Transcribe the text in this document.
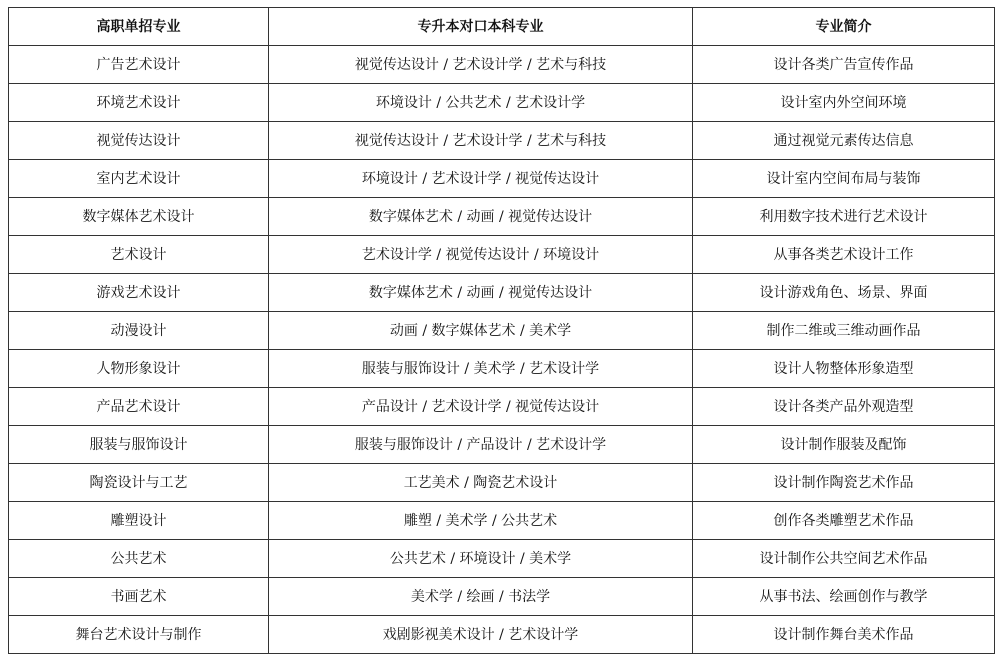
高职单招专业	专升本对口本科专业	专业简介
广告艺术设计	视觉传达设计 / 艺术设计学 / 艺术与科技	设计各类广告宣传作品
环境艺术设计	环境设计 / 公共艺术 / 艺术设计学	设计室内外空间环境
视觉传达设计	视觉传达设计 / 艺术设计学 / 艺术与科技	通过视觉元素传达信息
室内艺术设计	环境设计 / 艺术设计学 / 视觉传达设计	设计室内空间布局与装饰
数字媒体艺术设计	数字媒体艺术 / 动画 / 视觉传达设计	利用数字技术进行艺术设计
艺术设计	艺术设计学 / 视觉传达设计 / 环境设计	从事各类艺术设计工作
游戏艺术设计	数字媒体艺术 / 动画 / 视觉传达设计	设计游戏角色、场景、界面
动漫设计	动画 / 数字媒体艺术 / 美术学	制作二维或三维动画作品
人物形象设计	服装与服饰设计 / 美术学 / 艺术设计学	设计人物整体形象造型
产品艺术设计	产品设计 / 艺术设计学 / 视觉传达设计	设计各类产品外观造型
服装与服饰设计	服装与服饰设计 / 产品设计 / 艺术设计学	设计制作服装及配饰
陶瓷设计与工艺	工艺美术 / 陶瓷艺术设计	设计制作陶瓷艺术作品
雕塑设计	雕塑 / 美术学 / 公共艺术	创作各类雕塑艺术作品
公共艺术	公共艺术 / 环境设计 / 美术学	设计制作公共空间艺术作品
书画艺术	美术学 / 绘画 / 书法学	从事书法、绘画创作与教学
舞台艺术设计与制作	戏剧影视美术设计 / 艺术设计学	设计制作舞台美术作品
